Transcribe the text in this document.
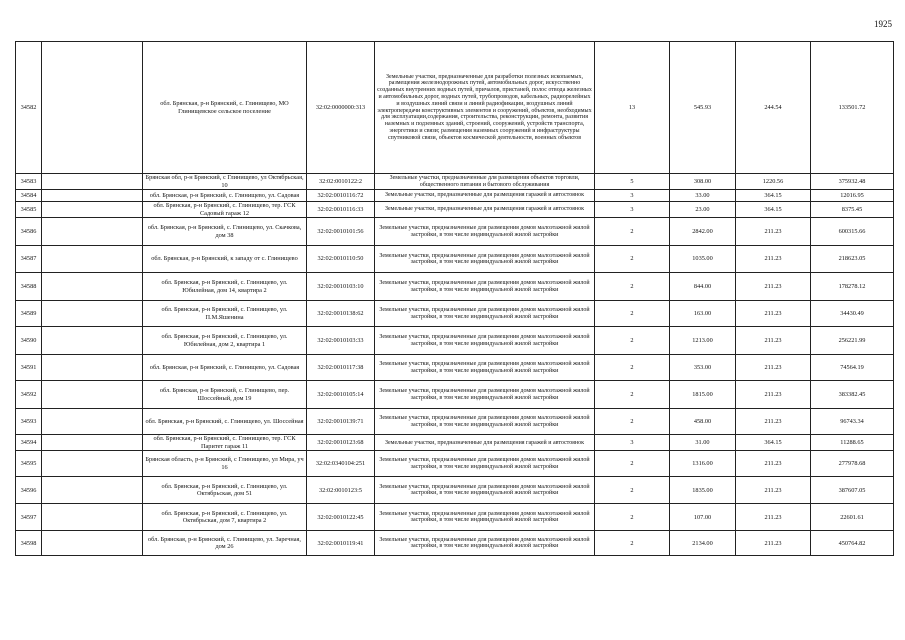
1925
34582		обл. Брянская, р-н Брянский, с. Глинищево, МО Глинищевское сельское поселение	32:02:0000000:313	Земельные участки, предназначенные для разработки полезных ископаемых, размещения железнодорожных путей, автомобильных дорог, искусственно созданных внутренних водных путей, причалов, пристаней, полос отвода железных и автомобильных дорог, водных путей, трубопроводов, кабельных, радиорелейных и воздушных линий связи и линий радиофикации, воздушных линий электропередачи конструктивных элементов и сооружений, объектов, необходимых для эксплуатации,содержания, строительства, реконструкции, ремонта, развития наземных и подземных зданий, строений, сооружений, устройств транспорта, энергетики и связи; размещения наземных сооружений и инфраструктуры спутниковой связи, объектов космической деятельности, военных объектов	13	545.93	244.54	133501.72
34583		Брянская обл, р-н Брянский, с Глинищево, ул Октябрьская, 10	32:02:0010122:2	Земельные участки, предназначенные для размещения объектов торговли, общественного питания и бытового обслуживания	5	308.00	1220.56	375932.48
34584		обл. Брянская, р-н Брянский, с. Глинищево, ул. Садовая	32:02:0010116:72	Земельные участки, предназначенные для размещения гаражей и автостоянок	3	33.00	364.15	12016.95
34585		обл. Брянская, р-н Брянский, с. Глинищево, тер. ГСК Садовый гараж 12	32:02:0010116:33	Земельные участки, предназначенные для размещения гаражей и автостоянок	3	23.00	364.15	8375.45
34586		обл. Брянская, р-н Брянский, с. Глинищево, ул. Скачкова, дом 38	32:02:0010101:56	Земельные участки, предназначенные для размещения домов малоэтажной жилой застройки, в том числе индивидуальной жилой застройки	2	2842.00	211.23	600315.66
34587		обл. Брянская, р-н Брянский, к западу от с. Глинищево	32:02:0010110:50	Земельные участки, предназначенные для размещения домов малоэтажной жилой застройки, в том числе индивидуальной жилой застройки	2	1035.00	211.23	218623.05
34588		обл. Брянская, р-н Брянский, с. Глинищево, ул. Юбилейная, дом 14, квартира 2	32:02:0010103:10	Земельные участки, предназначенные для размещения домов малоэтажной жилой застройки, в том числе индивидуальной жилой застройки	2	844.00	211.23	178278.12
34589		обл. Брянская, р-н Брянский, с. Глинищево, ул. П.М.Яшенина	32:02:0010138:62	Земельные участки, предназначенные для размещения домов малоэтажной жилой застройки, в том числе индивидуальной жилой застройки	2	163.00	211.23	34430.49
34590		обл. Брянская, р-н Брянский, с. Глинищево, ул. Юбилейная, дом 2, квартира 1	32:02:0010103:33	Земельные участки, предназначенные для размещения домов малоэтажной жилой застройки, в том числе индивидуальной жилой застройки	2	1213.00	211.23	256221.99
34591		обл. Брянская, р-н Брянский, с. Глинищево, ул. Садовая	32:02:0010117:38	Земельные участки, предназначенные для размещения домов малоэтажной жилой застройки, в том числе индивидуальной жилой застройки	2	353.00	211.23	74564.19
34592		обл. Брянская, р-н Брянский, с. Глинищево, пер. Шоссейный, дом 19	32:02:0010105:14	Земельные участки, предназначенные для размещения домов малоэтажной жилой застройки, в том числе индивидуальной жилой застройки	2	1815.00	211.23	383382.45
34593		обл. Брянская, р-н Брянский, с. Глинищево, ул. Шоссейная	32:02:0010139:71	Земельные участки, предназначенные для размещения домов малоэтажной жилой застройки, в том числе индивидуальной жилой застройки	2	458.00	211.23	96743.34
34594		обл. Брянская, р-н Брянский, с. Глинищево, тер. ГСК Паритет гараж 11	32:02:0010123:68	Земельные участки, предназначенные для размещения гаражей и автостоянок	3	31.00	364.15	11288.65
34595		Брянская область, р-н Брянский, с Глинищево, ул Мира, уч 16	32:02:0340104:251	Земельные участки, предназначенные для размещения домов малоэтажной жилой застройки, в том числе индивидуальной жилой застройки	2	1316.00	211.23	277978.68
34596		обл. Брянская, р-н Брянский, с. Глинищево, ул. Октябрьская, дом 51	32:02:0010123:5	Земельные участки, предназначенные для размещения домов малоэтажной жилой застройки, в том числе индивидуальной жилой застройки	2	1835.00	211.23	387607.05
34597		обл. Брянская, р-н Брянский, с. Глинищево, ул. Октябрьская, дом 7, квартира 2	32:02:0010122:45	Земельные участки, предназначенные для размещения домов малоэтажной жилой застройки, в том числе индивидуальной жилой застройки	2	107.00	211.23	22601.61
34598		обл. Брянская, р-н Брянский, с. Глинищево, ул. Заречная, дом 26	32:02:0010119:41	Земельные участки, предназначенные для размещения домов малоэтажной жилой застройки, в том числе индивидуальной жилой застройки	2	2134.00	211.23	450764.82
